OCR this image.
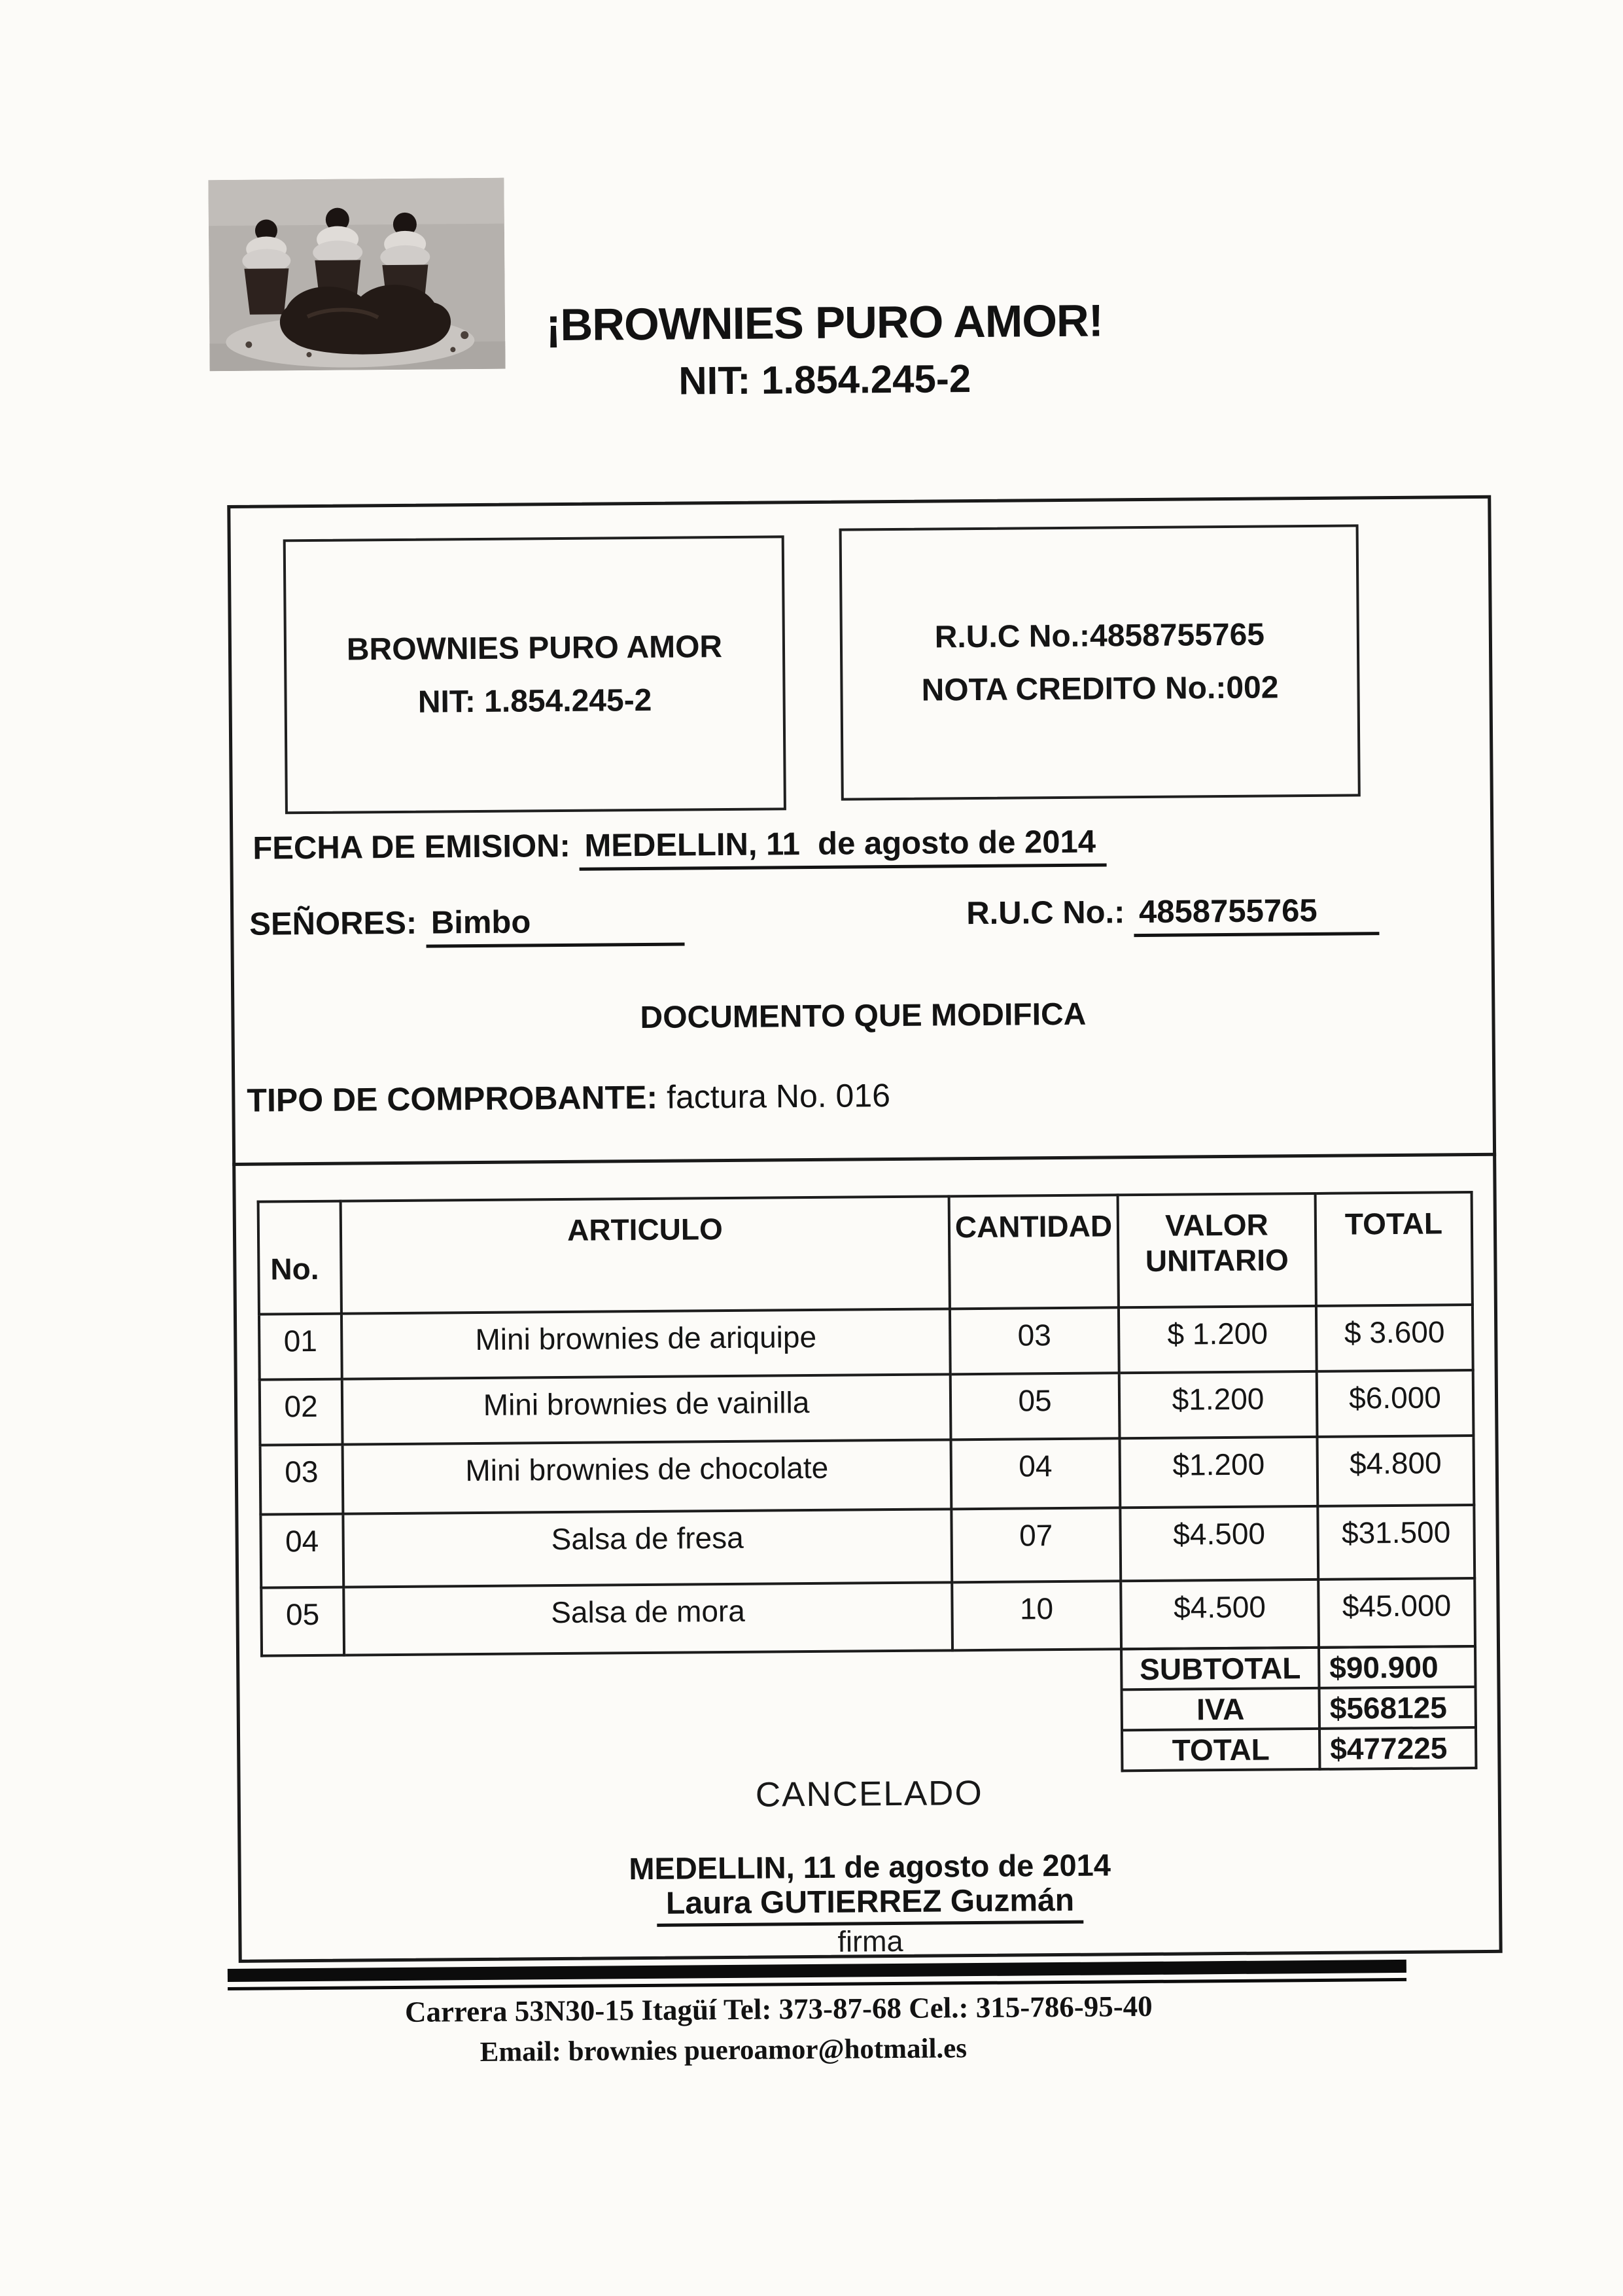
¡BROWNIES PURO AMOR!
NIT: 1.854.245-2
BROWNIES PURO AMOR
NIT: 1.854.245-2
R.U.C No.:4858755765
NOTA CREDITO No.:002
FECHA DE EMISION: MEDELLIN, 11  de agosto de 2014
SEÑORES: Bimbo	R.U.C No.: 4858755765
DOCUMENTO QUE MODIFICA
TIPO DE COMPROBANTE: factura No. 016
No.	ARTICULO	CANTIDAD	VALOR UNITARIO	TOTAL
01	Mini brownies de ariquipe	03	$ 1.200	$ 3.600
02	Mini brownies de vainilla	05	$1.200	$6.000
03	Mini brownies de chocolate	04	$1.200	$4.800
04	Salsa de fresa	07	$4.500	$31.500
05	Salsa de mora	10	$4.500	$45.000
SUBTOTAL	$90.900
IVA	$568125
TOTAL	$477225
CANCELADO
MEDELLIN, 11 de agosto de 2014
Laura GUTIERREZ Guzmán
firma
Carrera 53N30-15 Itagüí Tel: 373-87-68 Cel.: 315-786-95-40
Email: brownies pueroamor@hotmail.es
